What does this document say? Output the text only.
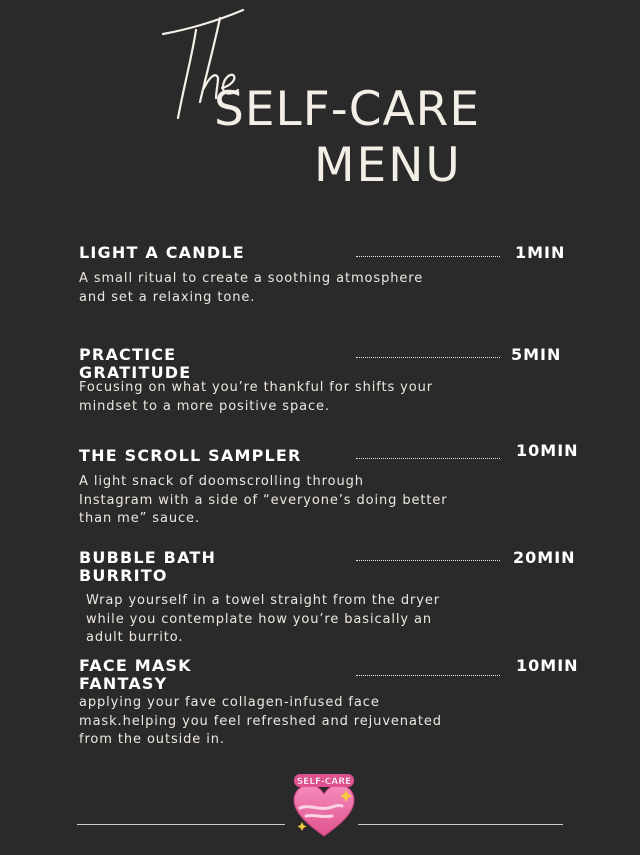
SELF-CARE
MENU
LIGHT A CANDLE	1MIN
A small ritual to create a soothing atmosphere
and set a relaxing tone.
PRACTICE GRATITUDE
5MIN
Focusing on what you’re thankful for shifts your
mindset to a more positive space.
THE SCROLL SAMPLER	10MIN
A light snack of doomscrolling through
Instagram with a side of “everyone’s doing better
than me” sauce.
BUBBLE BATH BURRITO
20MIN
Wrap yourself in a towel straight from the dryer
while you contemplate how you’re basically an
adult burrito.
FACE MASK FANTASY
10MIN
applying your fave collagen-infused face
mask.helping you feel refreshed and rejuvenated
from the outside in.
SELF-CARE
